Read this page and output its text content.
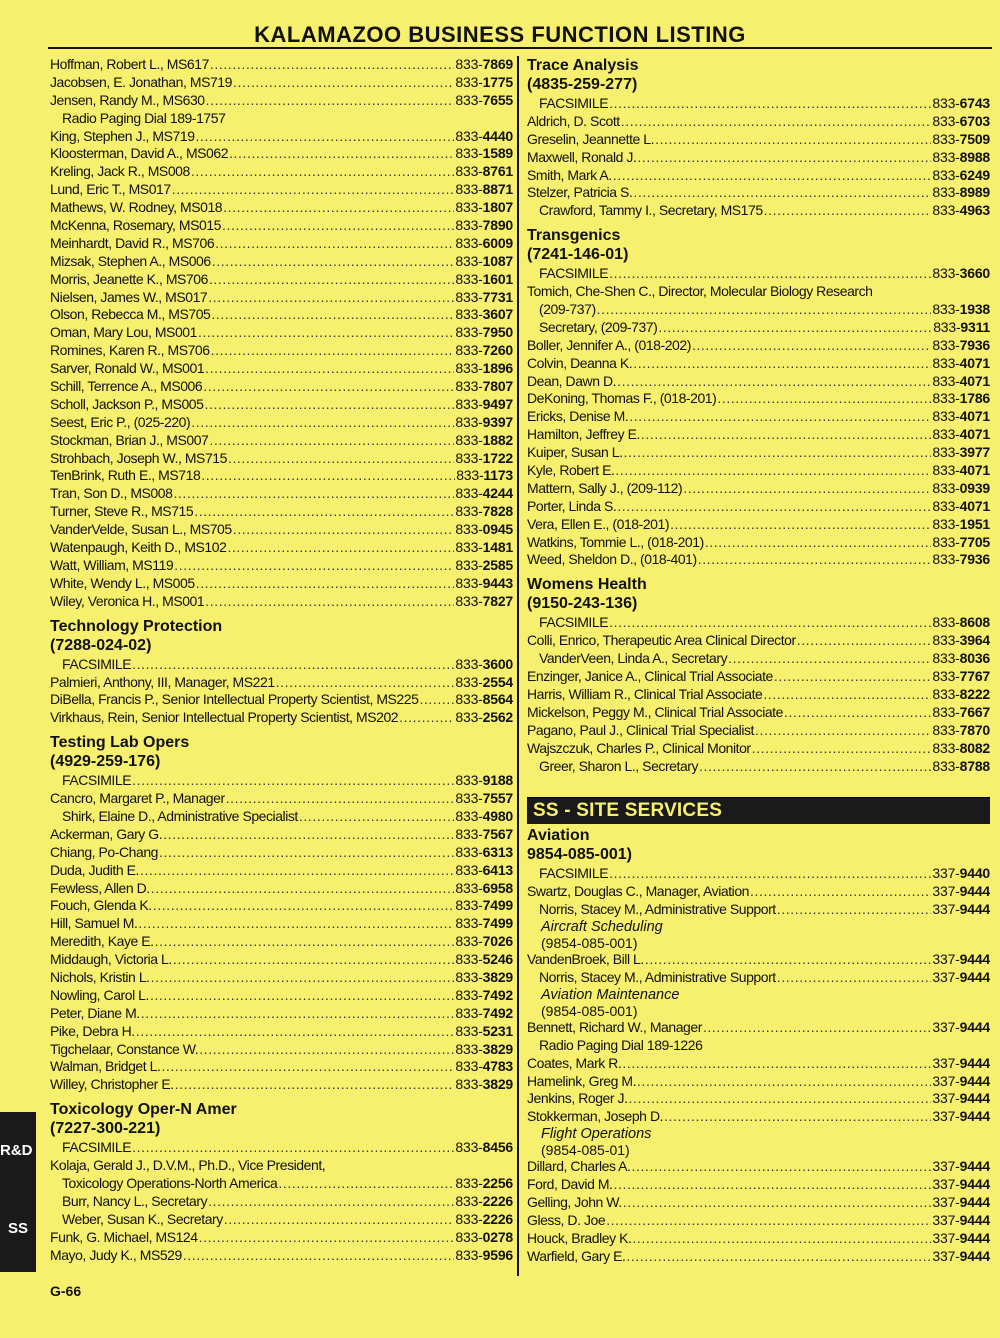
KALAMAZOO BUSINESS FUNCTION LISTING
Hoffman, Robert L., MS617 .....	833-7869
Jacobsen, E. Jonathan, MS719 .....	833-1775
Jensen, Randy M., MS630 .....	833-7655
Radio Paging Dial 189-1757
King, Stephen J., MS719 .....	833-4440
Kloosterman, David A., MS062 .....	833-1589
Kreling, Jack R., MS008 .....	833-8761
Lund, Eric T., MS017 .....	833-8871
Mathews, W. Rodney, MS018 .....	833-1807
McKenna, Rosemary, MS015 .....	833-7890
Meinhardt, David R., MS706 .....	833-6009
Mizsak, Stephen A., MS006 .....	833-1087
Morris, Jeanette K., MS706 .....	833-1601
Nielsen, James W., MS017 .....	833-7731
Olson, Rebecca M., MS705 .....	833-3607
Oman, Mary Lou, MS001 .....	833-7950
Romines, Karen R., MS706 .....	833-7260
Sarver, Ronald W., MS001 .....	833-1896
Schill, Terrence A., MS006 .....	833-7807
Scholl, Jackson P., MS005 .....	833-9497
Seest, Eric P., (025-220) .....	833-9397
Stockman, Brian J., MS007 .....	833-1882
Strohbach, Joseph W., MS715 .....	833-1722
TenBrink, Ruth E., MS718 .....	833-1173
Tran, Son D., MS008 .....	833-4244
Turner, Steve R., MS715 .....	833-7828
VanderVelde, Susan L., MS705 .....	833-0945
Watenpaugh, Keith D., MS102 .....	833-1481
Watt, William, MS119 .....	833-2585
White, Wendy L., MS005 .....	833-9443
Wiley, Veronica H., MS001 .....	833-7827
Technology Protection
(7288-024-02)
FACSIMILE .....	833-3600
Palmieri, Anthony, III, Manager, MS221 .....	833-2554
DiBella, Francis P., Senior Intellectual Property Scientist, MS225 .....	833-8564
Virkhaus, Rein, Senior Intellectual Property Scientist, MS202 .....	833-2562
Testing Lab Opers
(4929-259-176)
FACSIMILE .....	833-9188
Cancro, Margaret P., Manager .....	833-7557
Shirk, Elaine D., Administrative Specialist .....	833-4980
Ackerman, Gary G. .....	833-7567
Chiang, Po-Chang .....	833-6313
Duda, Judith E. .....	833-6413
Fewless, Allen D. .....	833-6958
Fouch, Glenda K. .....	833-7499
Hill, Samuel M. .....	833-7499
Meredith, Kaye E. .....	833-7026
Middaugh, Victoria L. .....	833-5246
Nichols, Kristin L. .....	833-3829
Nowling, Carol L. .....	833-7492
Peter, Diane M. .....	833-7492
Pike, Debra H. .....	833-5231
Tigchelaar, Constance W. .....	833-3829
Walman, Bridget L. .....	833-4783
Willey, Christopher E. .....	833-3829
Toxicology Oper-N Amer
(7227-300-221)
FACSIMILE .....	833-8456
Kolaja, Gerald J., D.V.M., Ph.D., Vice President,
Toxicology Operations-North America .....	833-2256
Burr, Nancy L., Secretary .....	833-2226
Weber, Susan K., Secretary .....	833-2226
Funk, G. Michael, MS124 .....	833-0278
Mayo, Judy K., MS529 .....	833-9596
Trace Analysis
(4835-259-277)
FACSIMILE .....	833-6743
Aldrich, D. Scott .....	833-6703
Greselin, Jeannette L. .....	833-7509
Maxwell, Ronald J. .....	833-8988
Smith, Mark A. .....	833-6249
Stelzer, Patricia S. .....	833-8989
Crawford, Tammy I., Secretary, MS175 .....	833-4963
Transgenics
(7241-146-01)
FACSIMILE .....	833-3660
Tomich, Che-Shen C., Director, Molecular Biology Research
(209-737) .....	833-1938
Secretary, (209-737) .....	833-9311
Boller, Jennifer A., (018-202) .....	833-7936
Colvin, Deanna K. .....	833-4071
Dean, Dawn D. .....	833-4071
DeKoning, Thomas F., (018-201) .....	833-1786
Ericks, Denise M. .....	833-4071
Hamilton, Jeffrey E. .....	833-4071
Kuiper, Susan L. .....	833-3977
Kyle, Robert E. .....	833-4071
Mattern, Sally J., (209-112) .....	833-0939
Porter, Linda S. .....	833-4071
Vera, Ellen E., (018-201) .....	833-1951
Watkins, Tommie L., (018-201) .....	833-7705
Weed, Sheldon D., (018-401) .....	833-7936
Womens Health
(9150-243-136)
FACSIMILE .....	833-8608
Colli, Enrico, Therapeutic Area Clinical Director .....	833-3964
VanderVeen, Linda A., Secretary .....	833-8036
Enzinger, Janice A., Clinical Trial Associate .....	833-7767
Harris, William R., Clinical Trial Associate .....	833-8222
Mickelson, Peggy M., Clinical Trial Associate .....	833-7667
Pagano, Paul J., Clinical Trial Specialist .....	833-7870
Wajszczuk, Charles P., Clinical Monitor .....	833-8082
Greer, Sharon L., Secretary .....	833-8788
SS - SITE SERVICES
Aviation
9854-085-001)
FACSIMILE .....	337-9440
Swartz, Douglas C., Manager, Aviation .....	337-9444
Norris, Stacey M., Administrative Support .....	337-9444
Aircraft Scheduling
(9854-085-001)
VandenBroek, Bill L. .....	337-9444
Norris, Stacey M., Administrative Support .....	337-9444
Aviation Maintenance
(9854-085-001)
Bennett, Richard W., Manager .....	337-9444
Radio Paging Dial 189-1226
Coates, Mark R. .....	337-9444
Hamelink, Greg M. .....	337-9444
Jenkins, Roger J. .....	337-9444
Stokkerman, Joseph D. .....	337-9444
Flight Operations
(9854-085-01)
Dillard, Charles A. .....	337-9444
Ford, David M. .....	337-9444
Gelling, John W. .....	337-9444
Gless, D. Joe .....	337-9444
Houck, Bradley K. .....	337-9444
Warfield, Gary E. .....	337-9444
R&D
SS
G-66
